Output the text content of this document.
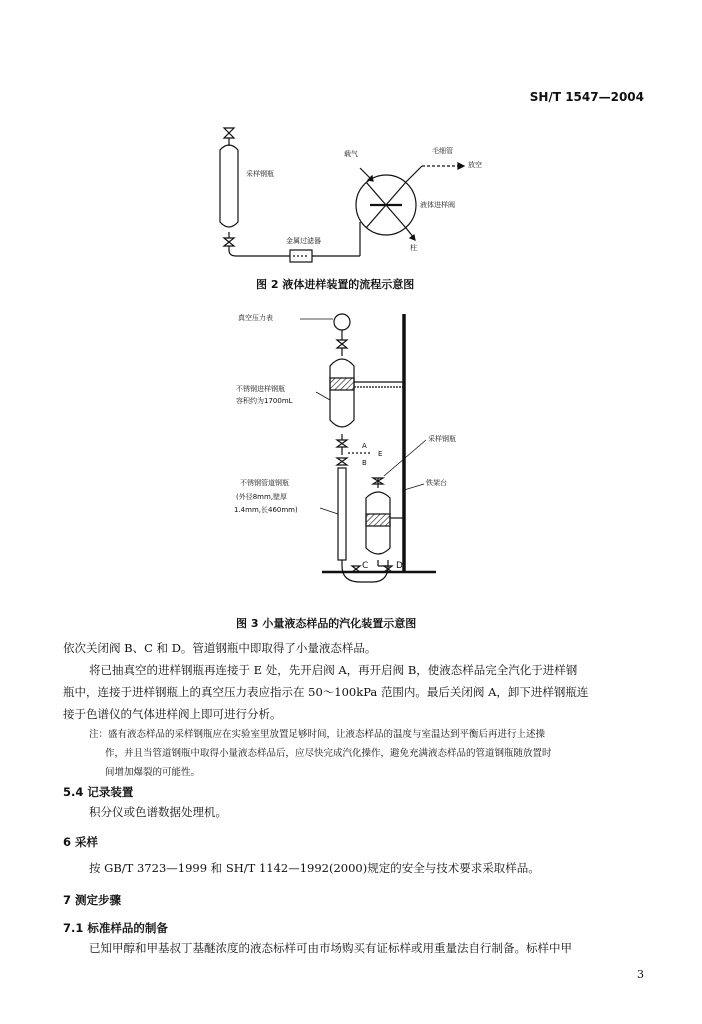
SH/T 1547—2004
采样钢瓶
载气	毛细管
放空
液体进样阀
柱
金属过滤器
图 2 液体进样装置的流程示意图
真空压力表
不锈钢进样钢瓶
容积约为1700mL
A
E
B
不锈钢管道钢瓶
(外径8mm,壁厚
1.4mm,长460mm)
采样钢瓶
铁架台
C	D
图 3 小量液态样品的汽化装置示意图
依次关闭阀 B、C 和 D。管道钢瓶中即取得了小量液态样品。
将已抽真空的进样钢瓶再连接于 E 处，先开启阀 A，再开启阀 B，使液态样品完全汽化于进样钢
瓶中，连接于进样钢瓶上的真空压力表应指示在 50～100kPa 范围内。最后关闭阀 A，卸下进样钢瓶连
接于色谱仪的气体进样阀上即可进行分析。
注：盛有液态样品的采样钢瓶应在实验室里放置足够时间，让液态样品的温度与室温达到平衡后再进行上述操
作，并且当管道钢瓶中取得小量液态样品后，应尽快完成汽化操作，避免充满液态样品的管道钢瓶随放置时
间增加爆裂的可能性。
5.4 记录装置
积分仪或色谱数据处理机。
6 采样
按 GB/T 3723—1999 和 SH/T 1142—1992(2000)规定的安全与技术要求采取样品。
7 测定步骤
7.1 标准样品的制备
已知甲醇和甲基叔丁基醚浓度的液态标样可由市场购买有证标样或用重量法自行制备。标样中甲
3
